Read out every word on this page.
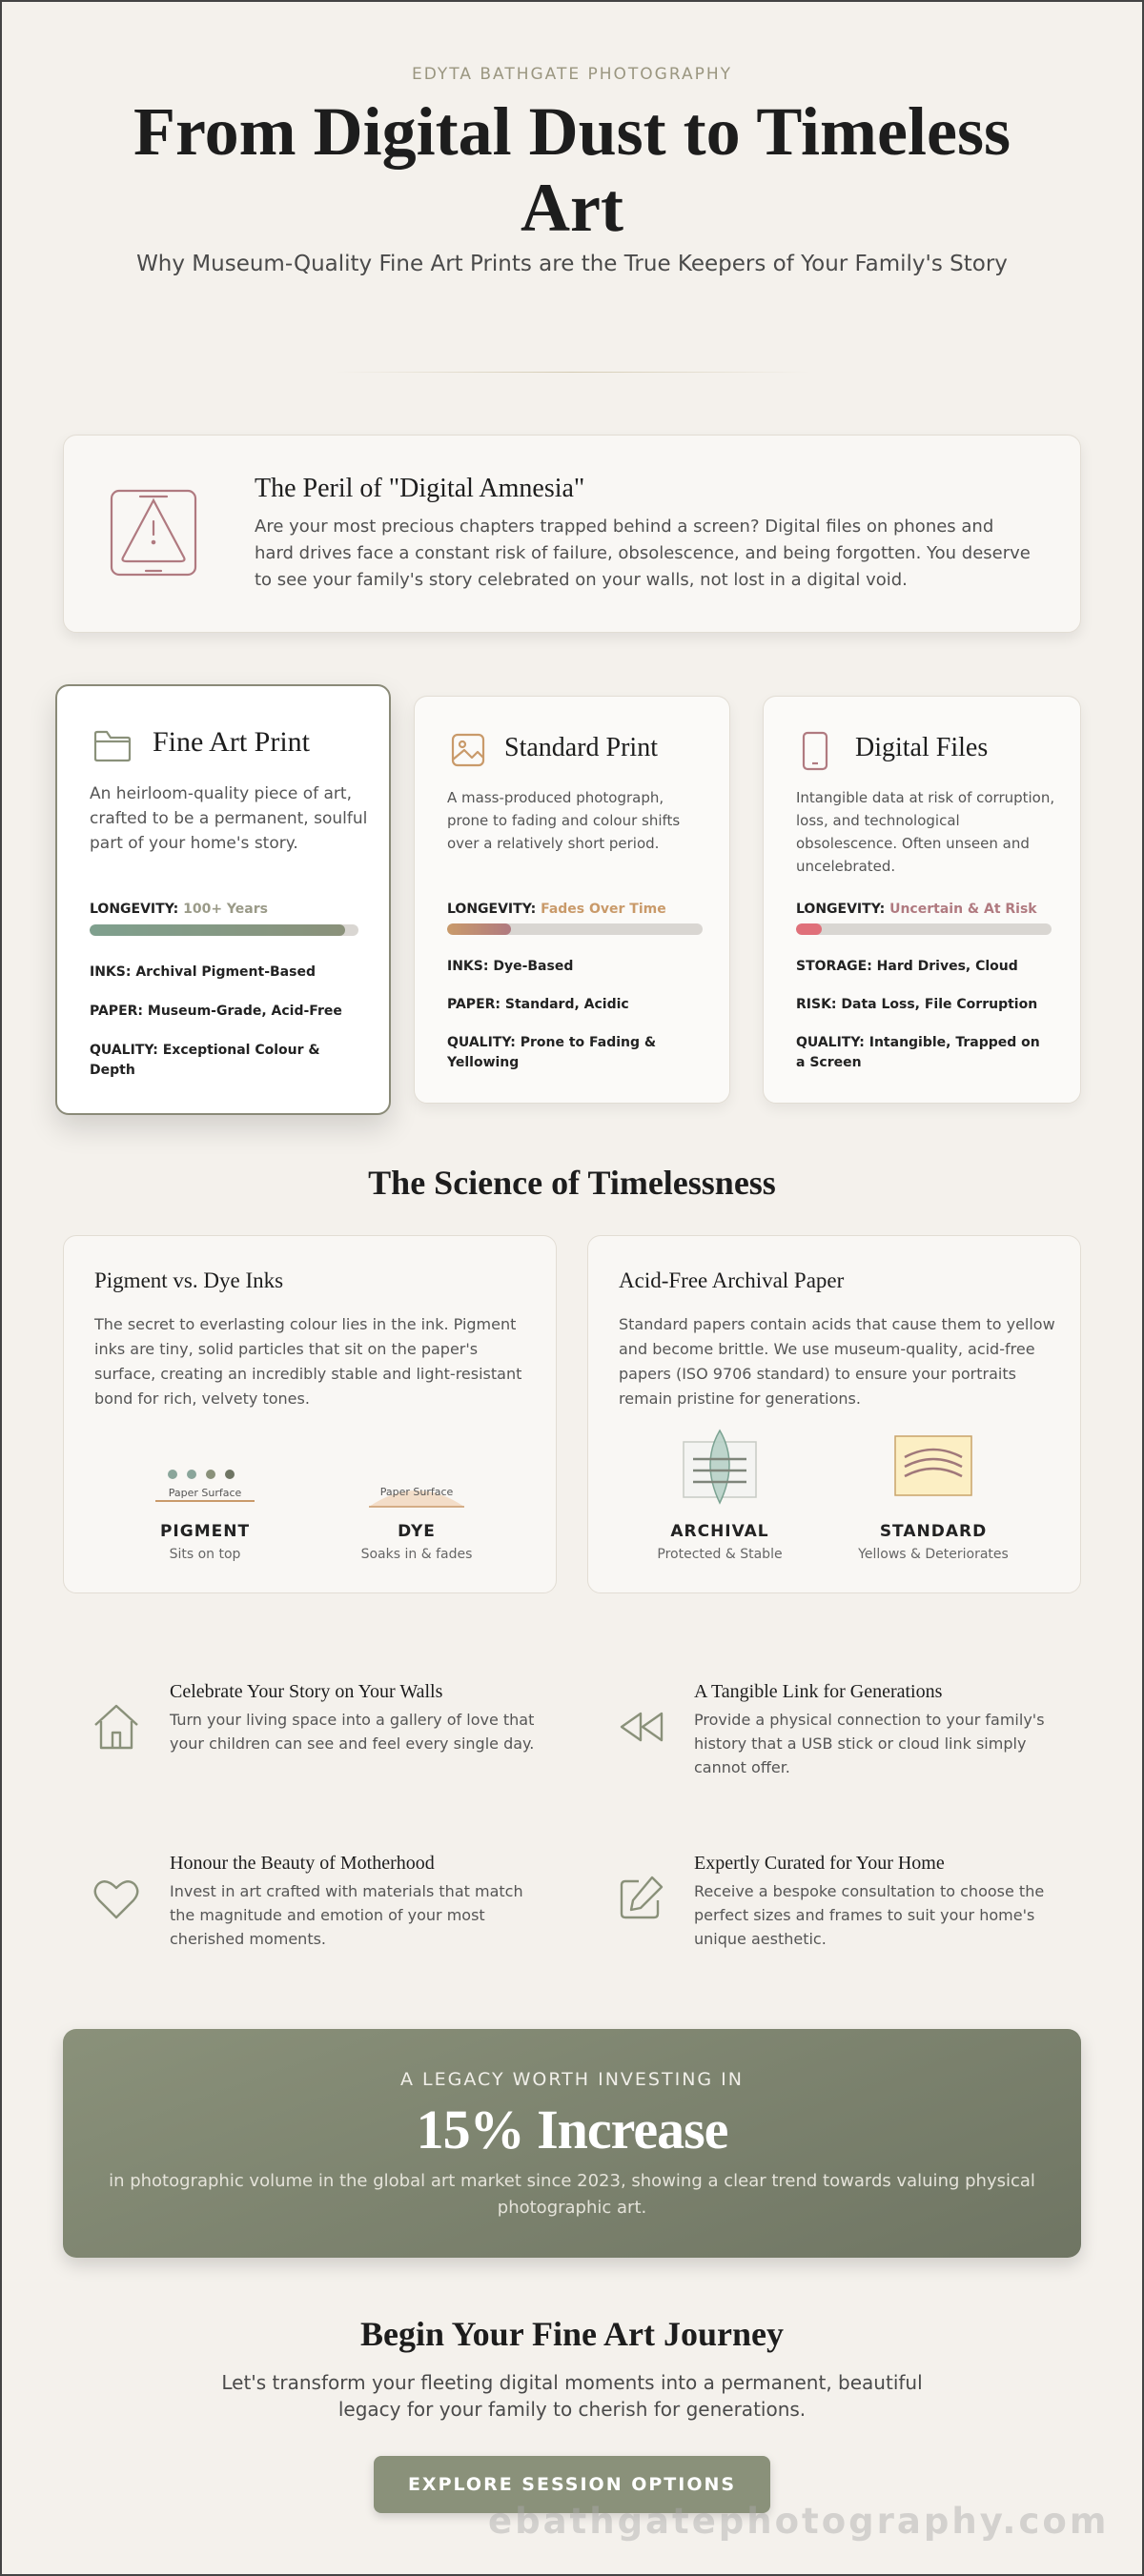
EDYTA BATHGATE PHOTOGRAPHY
From Digital Dust to Timeless Art
Why Museum-Quality Fine Art Prints are the True Keepers of Your Family's Story
The Peril of "Digital Amnesia"

Are your most precious chapters trapped behind a screen? Digital files on phones and hard drives face a constant risk of failure, obsolescence, and being forgotten. You deserve to see your family's story celebrated on your walls, not lost in a digital void.

Fine Art Print
An heirloom-quality piece of art, crafted to be a permanent, soulful part of your home's story.
LONGEVITY: 100+ Years
INKS: Archival Pigment-Based
PAPER: Museum-Grade, Acid-Free
QUALITY: Exceptional Colour & Depth
Standard Print
A mass-produced photograph, prone to fading and colour shifts over a relatively short period.
LONGEVITY: Fades Over Time
INKS: Dye-Based
PAPER: Standard, Acidic
QUALITY: Prone to Fading & Yellowing
Digital Files
Intangible data at risk of corruption, loss, and technological obsolescence. Often unseen and uncelebrated.
LONGEVITY: Uncertain & At Risk
STORAGE: Hard Drives, Cloud
RISK: Data Loss, File Corruption
QUALITY: Intangible, Trapped on a Screen
The Science of Timelessness
Pigment vs. Dye Inks

The secret to everlasting colour lies in the ink. Pigment inks are tiny, solid particles that sit on the paper's surface, creating an incredibly stable and light-resistant bond for rich, velvety tones.

Paper Surface	Paper Surface
PIGMENT
Sits on top
DYE
Soaks in & fades
Acid-Free Archival Paper

Standard papers contain acids that cause them to yellow and become brittle. We use museum-quality, acid-free papers (ISO 9706 standard) to ensure your portraits remain pristine for generations.

ARCHIVAL
Protected & Stable
STANDARD
Yellows & Deteriorates
Celebrate Your Story on Your Walls

Turn your living space into a gallery of love that your children can see and feel every single day.

A Tangible Link for Generations

Provide a physical connection to your family's history that a USB stick or cloud link simply cannot offer.

Honour the Beauty of Motherhood

Invest in art crafted with materials that match the magnitude and emotion of your most cherished moments.

Expertly Curated for Your Home

Receive a bespoke consultation to choose the perfect sizes and frames to suit your home's unique aesthetic.

A LEGACY WORTH INVESTING IN
15% Increase
in photographic volume in the global art market since 2023, showing a clear trend towards valuing physical photographic art.
Begin Your Fine Art Journey
Let's transform your fleeting digital moments into a permanent, beautiful legacy for your family to cherish for generations.
EXPLORE SESSION OPTIONS
ebathgatephotography.com
